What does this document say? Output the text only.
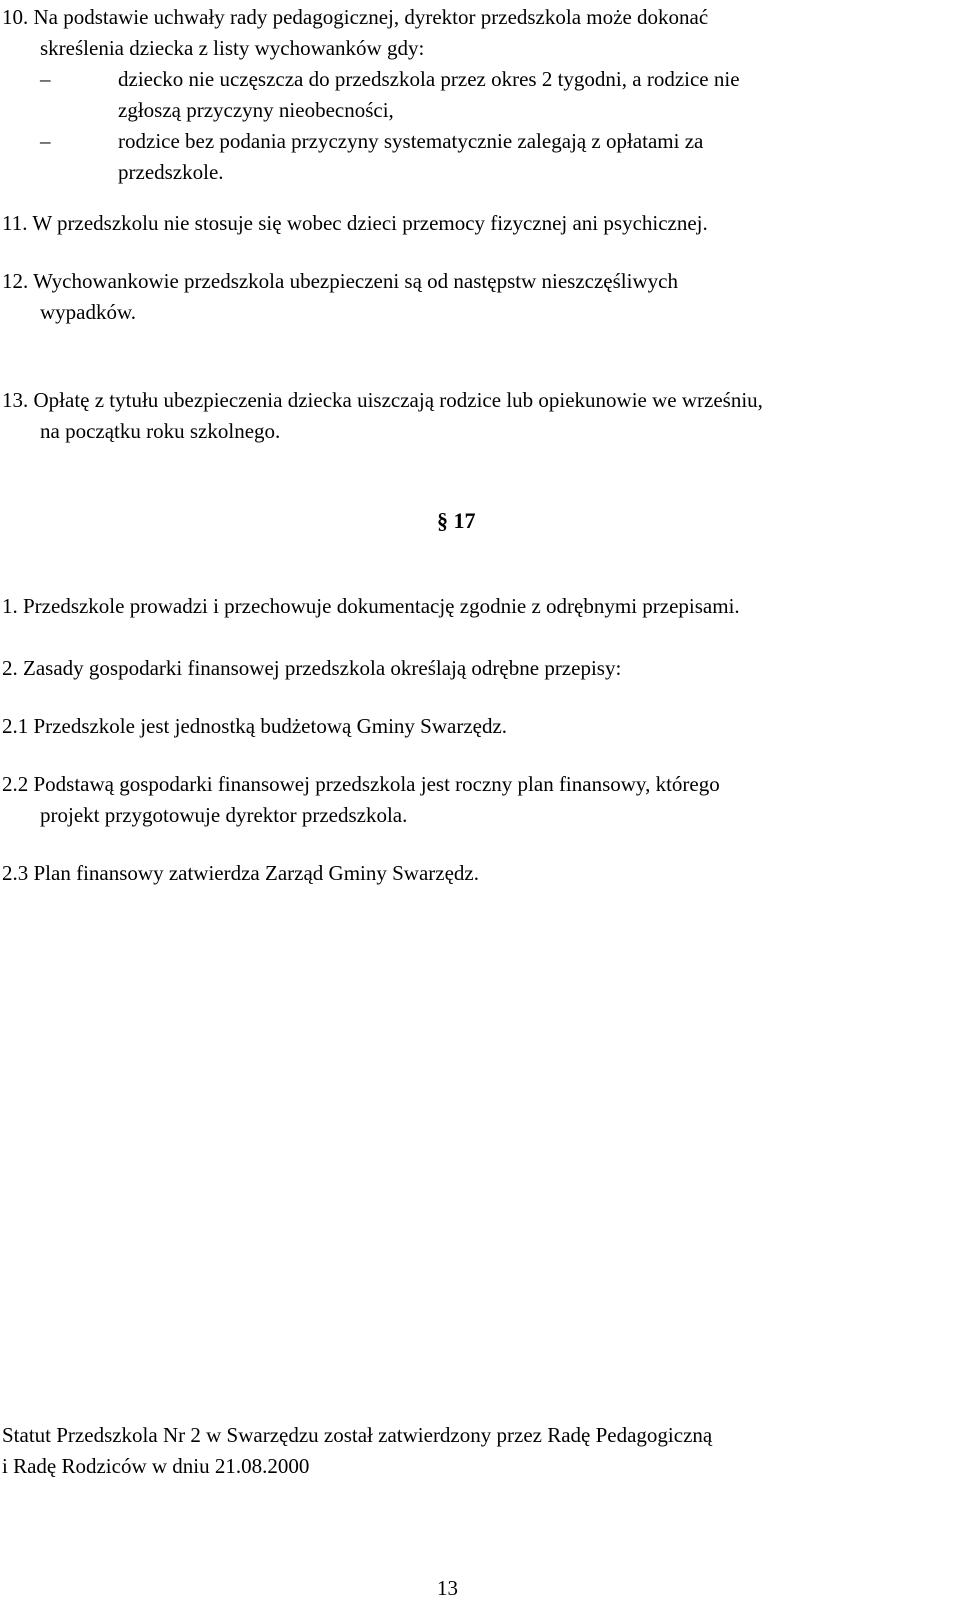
10. Na podstawie uchwały rady pedagogicznej, dyrektor przedszkola może dokonać

skreślenia dziecka z listy wychowanków gdy:

–	dziecko nie uczęszcza do przedszkola przez okres 2 tygodni, a rodzice nie

zgłoszą przyczyny nieobecności,

–	rodzice bez podania przyczyny systematycznie zalegają z opłatami za

przedszkole.

11. W przedszkolu nie stosuje się wobec dzieci przemocy fizycznej ani psychicznej.

12. Wychowankowie przedszkola ubezpieczeni są od następstw nieszczęśliwych

wypadków.

13. Opłatę z tytułu ubezpieczenia dziecka uiszczają rodzice lub opiekunowie we wrześniu,

na początku roku szkolnego.

§ 17

1. Przedszkole prowadzi i przechowuje dokumentację zgodnie z odrębnymi przepisami.

2. Zasady gospodarki finansowej przedszkola określają odrębne przepisy:

2.1 Przedszkole jest jednostką budżetową Gminy Swarzędz.

2.2 Podstawą gospodarki finansowej przedszkola jest roczny plan finansowy, którego

projekt przygotowuje dyrektor przedszkola.

2.3 Plan finansowy zatwierdza Zarząd Gminy Swarzędz.

Statut Przedszkola Nr 2 w Swarzędzu został zatwierdzony przez Radę Pedagogiczną

i Radę Rodziców w dniu 21.08.2000

13
